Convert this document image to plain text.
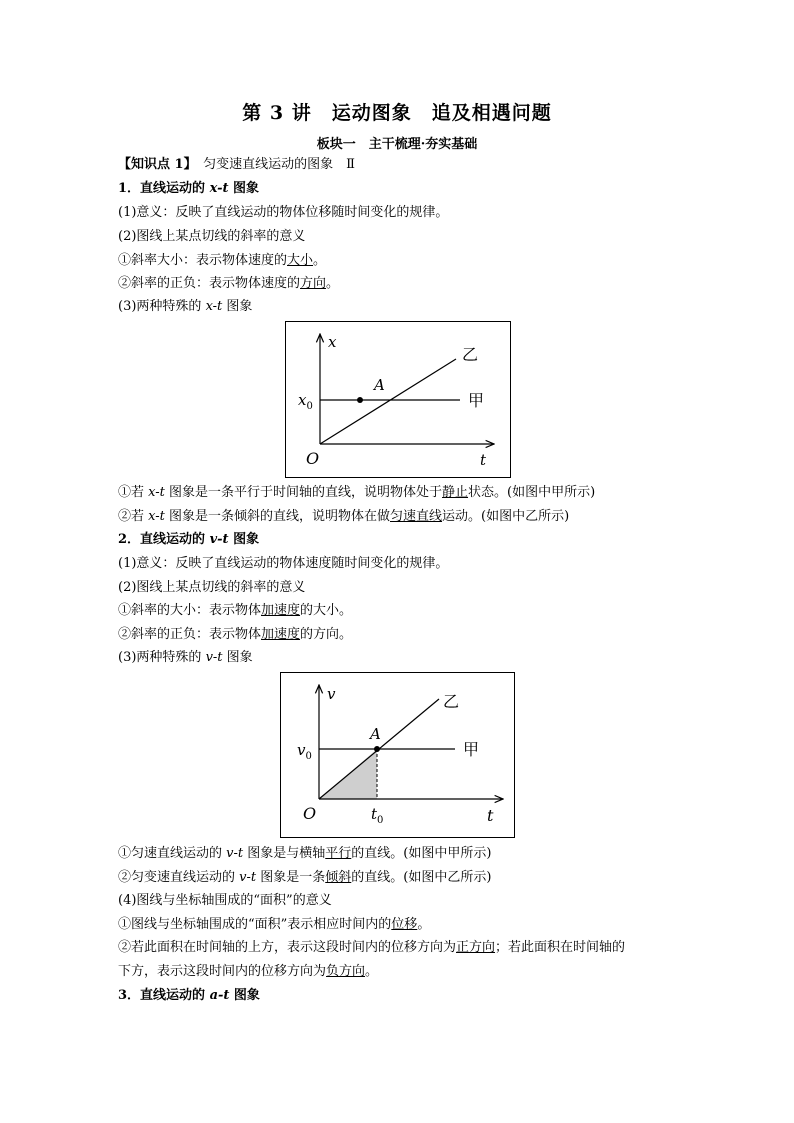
第 3 讲　运动图象　追及相遇问题
板块一　主干梳理·夯实基础
【知识点 1】　匀变速直线运动的图象　Ⅱ
1．直线运动的 x-t 图象
(1)意义：反映了直线运动的物体位移随时间变化的规律。
(2)图线上某点切线的斜率的意义
①斜率大小：表示物体速度的大小。
②斜率的正负：表示物体速度的方向。
(3)两种特殊的 x-t 图象
x
t
O
$x_0$
A
甲
乙
①若 x-t 图象是一条平行于时间轴的直线，说明物体处于静止状态。(如图中甲所示)
②若 x-t 图象是一条倾斜的直线，说明物体在做匀速直线运动。(如图中乙所示)
2．直线运动的 v-t 图象
(1)意义：反映了直线运动的物体速度随时间变化的规律。
(2)图线上某点切线的斜率的意义
①斜率的大小：表示物体加速度的大小。
②斜率的正负：表示物体加速度的方向。
(3)两种特殊的 v-t 图象
v
t
O
$v_0$
$t_0$
A
甲
乙
①匀速直线运动的 v-t 图象是与横轴平行的直线。(如图中甲所示)
②匀变速直线运动的 v-t 图象是一条倾斜的直线。(如图中乙所示)
(4)图线与坐标轴围成的“面积”的意义
①图线与坐标轴围成的“面积”表示相应时间内的位移。
②若此面积在时间轴的上方，表示这段时间内的位移方向为正方向；若此面积在时间轴的
下方，表示这段时间内的位移方向为负方向。
3．直线运动的 a-t 图象
